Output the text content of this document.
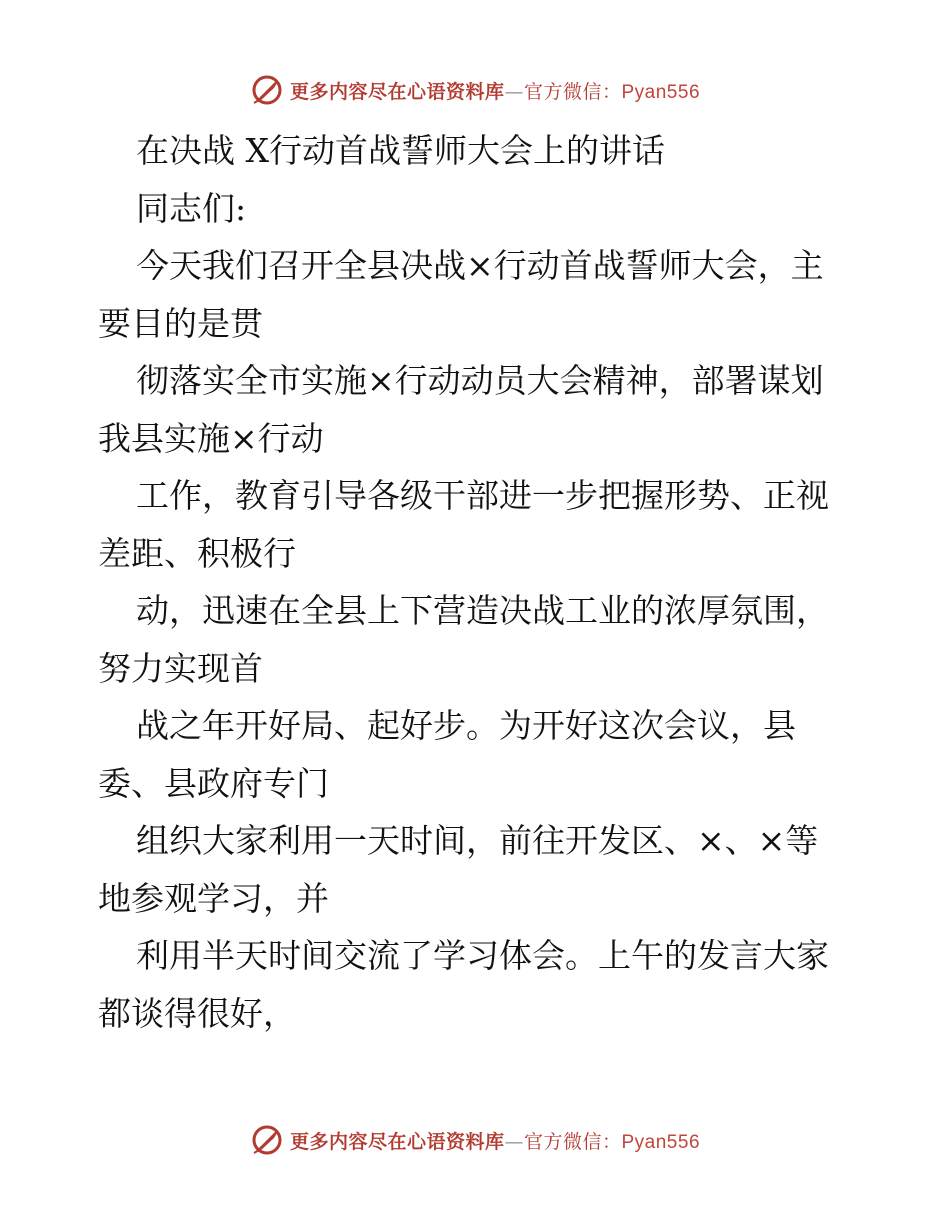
更多内容尽在心语资料库—官方微信：Pyan556
在决战 X行动首战誓师大会上的讲话
同志们:
今天我们召开全县决战×行动首战誓师大会，主
要目的是贯
彻落实全市实施×行动动员大会精神，部署谋划
我县实施×行动
工作，教育引导各级干部进一步把握形势、正视
差距、积极行
动，迅速在全县上下营造决战工业的浓厚氛围，
努力实现首
战之年开好局、起好步。为开好这次会议，县
委、县政府专门
组织大家利用一天时间，前往开发区、×、×等
地参观学习，并
利用半天时间交流了学习体会。上午的发言大家
都谈得很好，
更多内容尽在心语资料库—官方微信：Pyan556
